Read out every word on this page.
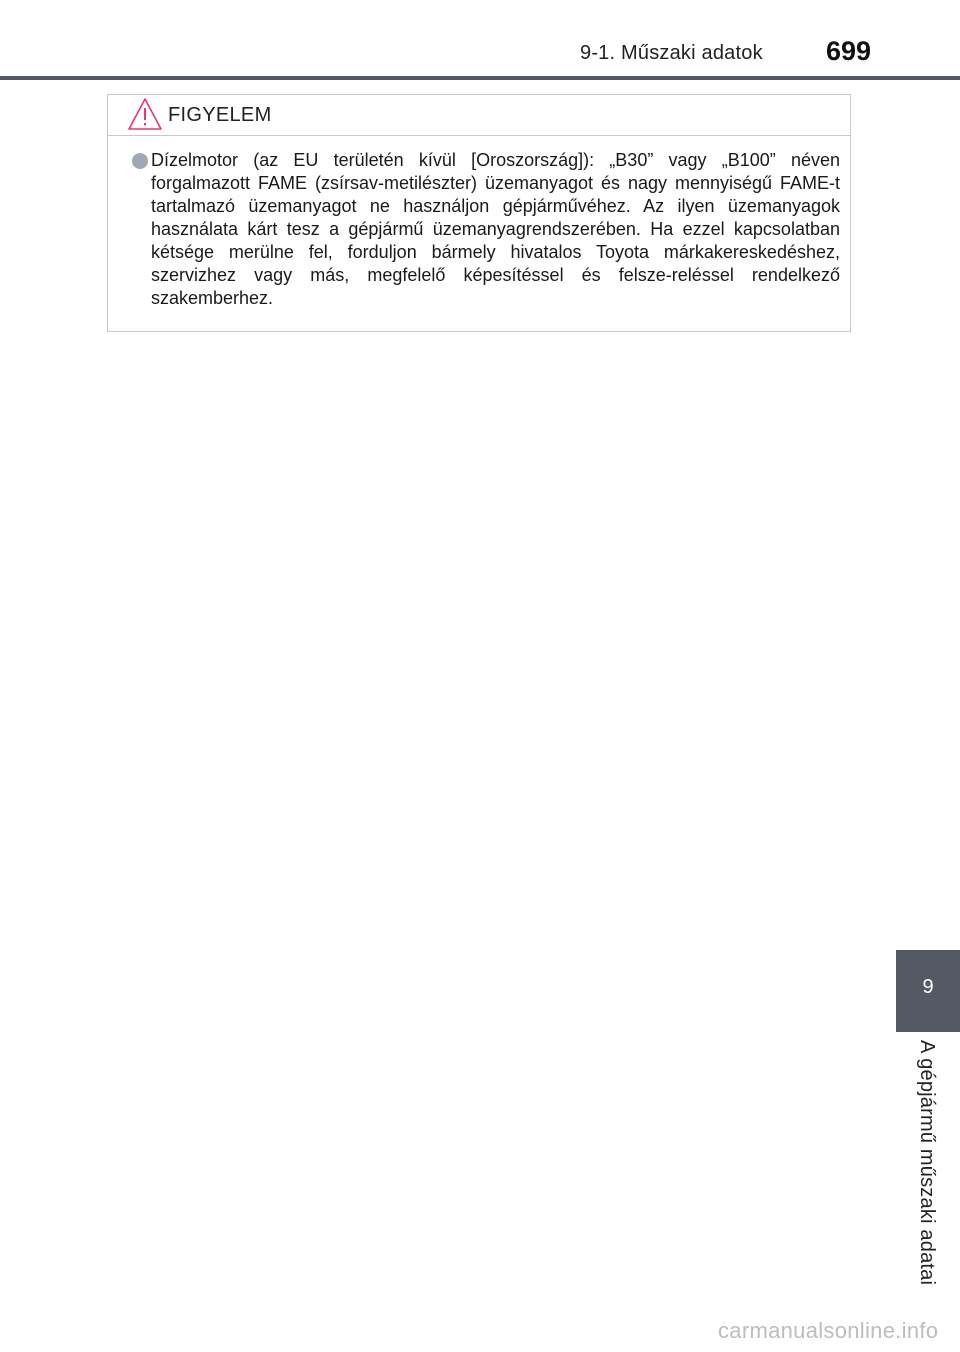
9-1. Műszaki adatok 699
FIGYELEM

Dízelmotor (az EU területén kívül [Oroszország]): „B30” vagy „B100” néven forgalmazott FAME (zsírsav-metilészter) üzemanyagot és nagy mennyiségű FAME-t tartalmazó üzemanyagot ne használjon gépjárművéhez. Az ilyen üzemanyagok használata kárt tesz a gépjármű üzemanyagrendszerében. Ha ezzel kapcsolatban kétsége merülne fel, forduljon bármely hivatalos Toyota márkakereskedéshez, szervizhez vagy más, megfelelő képesítéssel és felsze-reléssel rendelkező szakemberhez.

9
A gépjármű műszaki adatai
carmanualsonline.info
